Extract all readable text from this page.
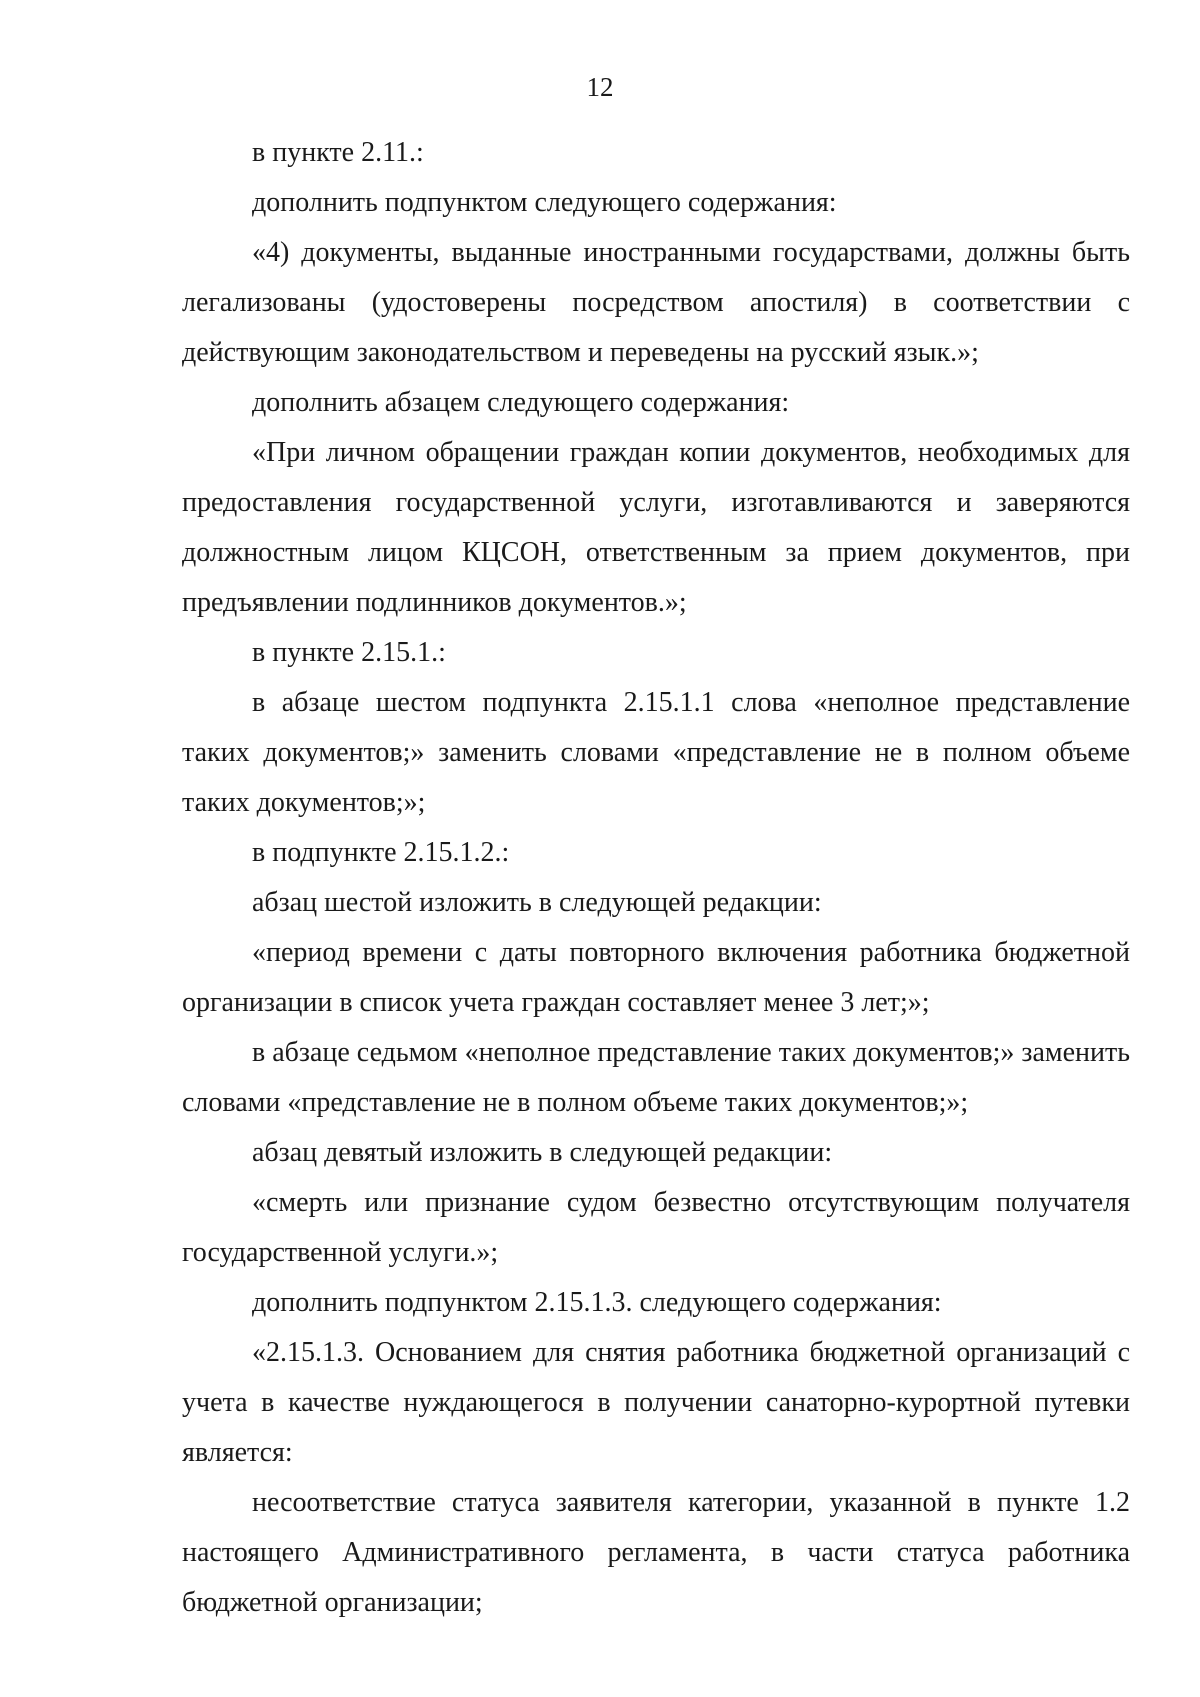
12

в пункте 2.11.:

дополнить подпунктом следующего содержания:

«4) документы, выданные иностранными государствами, должны быть легализованы (удостоверены посредством апостиля) в соответствии с действующим законодательством и переведены на русский язык.»;

дополнить абзацем следующего содержания:

«При личном обращении граждан копии документов, необходимых для предоставления государственной услуги, изготавливаются и заверяются должностным лицом КЦСОН, ответственным за прием документов, при предъявлении подлинников документов.»;

в пункте 2.15.1.:

в абзаце шестом подпункта 2.15.1.1 слова «неполное представление таких документов;» заменить словами «представление не в полном объеме таких документов;»;

в подпункте 2.15.1.2.:

абзац шестой изложить в следующей редакции:

«период времени с даты повторного включения работника бюджетной организации в список учета граждан составляет менее 3 лет;»;

в абзаце седьмом «неполное представление таких документов;» заменить словами «представление не в полном объеме таких документов;»;

абзац девятый изложить в следующей редакции:

«смерть или признание судом безвестно отсутствующим получателя государственной услуги.»;

дополнить подпунктом 2.15.1.3. следующего содержания:

«2.15.1.3. Основанием для снятия работника бюджетной организаций с учета в качестве нуждающегося в получении санаторно-курортной путевки является:

несоответствие статуса заявителя категории, указанной в пункте 1.2 настоящего Административного регламента, в части статуса работника бюджетной организации;
